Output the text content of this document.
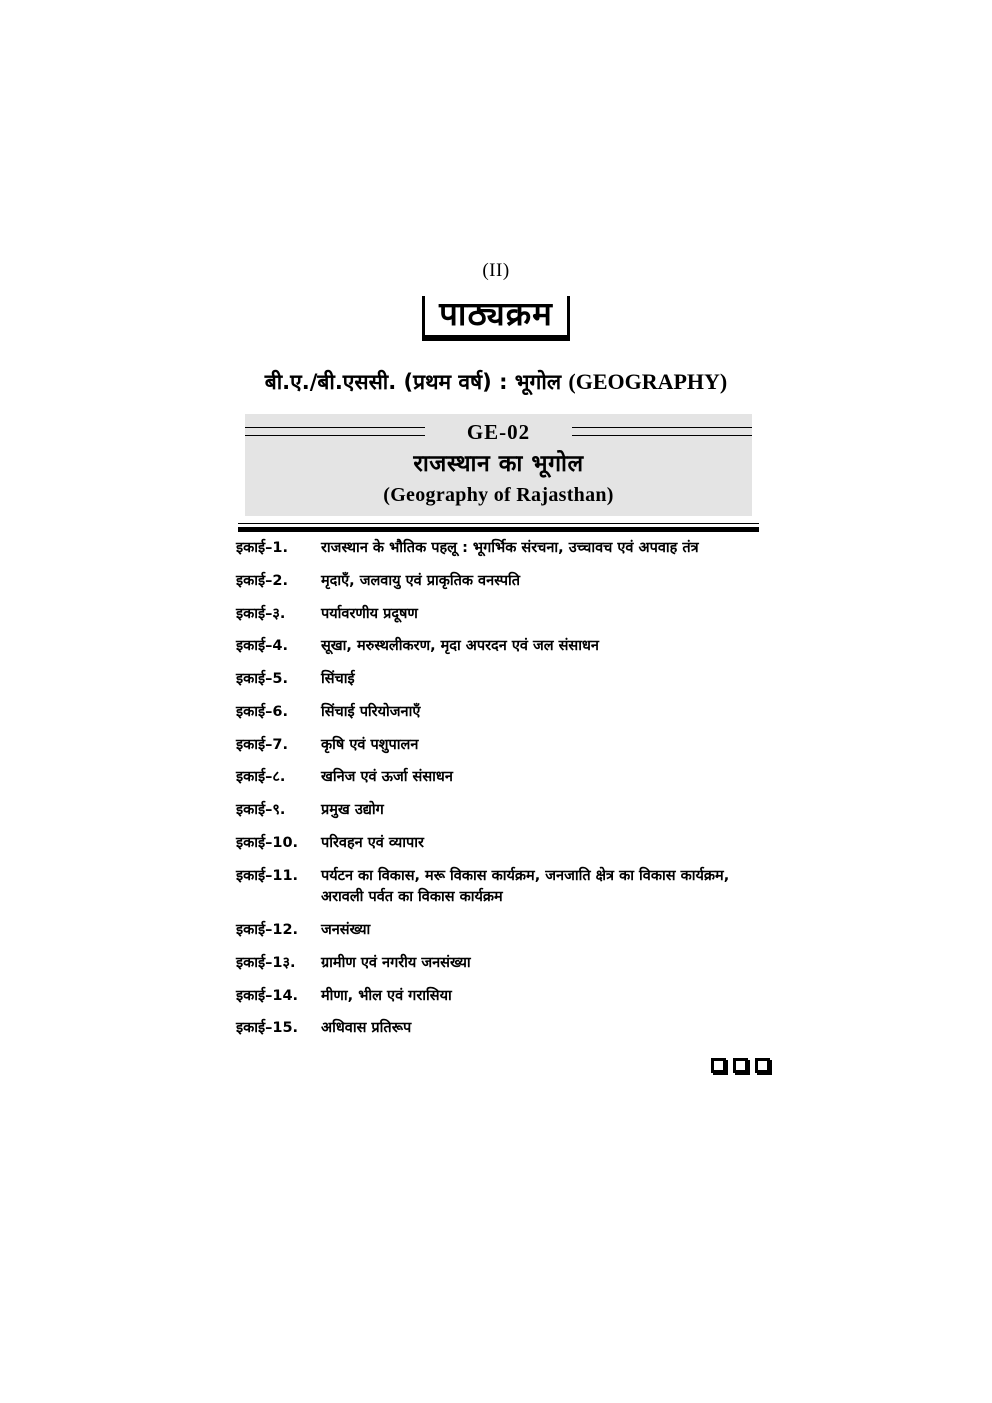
(II)
पाठ्यक्रम
बी.ए./बी.एससी. (प्रथम वर्ष) : भूगोल (GEOGRAPHY)
GE-02
राजस्थान का भूगोल
(Geography of Rajasthan)
इकाई–1.	राजस्थान के भौतिक पहलू : भूगर्भिक संरचना, उच्चावच एवं अपवाह तंत्र
इकाई–2.	मृदाएँ, जलवायु एवं प्राकृतिक वनस्पति
इकाई–३.	पर्यावरणीय प्रदूषण
इकाई–4.	सूखा, मरुस्थलीकरण, मृदा अपरदन एवं जल संसाधन
इकाई–5.	सिंचाई
इकाई–6.	सिंचाई परियोजनाएँ
इकाई–7.	कृषि एवं पशुपालन
इकाई–८.	खनिज एवं ऊर्जा संसाधन
इकाई–९.	प्रमुख उद्योग
इकाई–10.	परिवहन एवं व्यापार
इकाई–11.	पर्यटन का विकास, मरू विकास कार्यक्रम, जनजाति क्षेत्र का विकास कार्यक्रम, अरावली पर्वत का विकास कार्यक्रम
इकाई–12.	जनसंख्या
इकाई–1३.	ग्रामीण एवं नगरीय जनसंख्या
इकाई–14.	मीणा, भील एवं गरासिया
इकाई–15.	अधिवास प्रतिरूप
